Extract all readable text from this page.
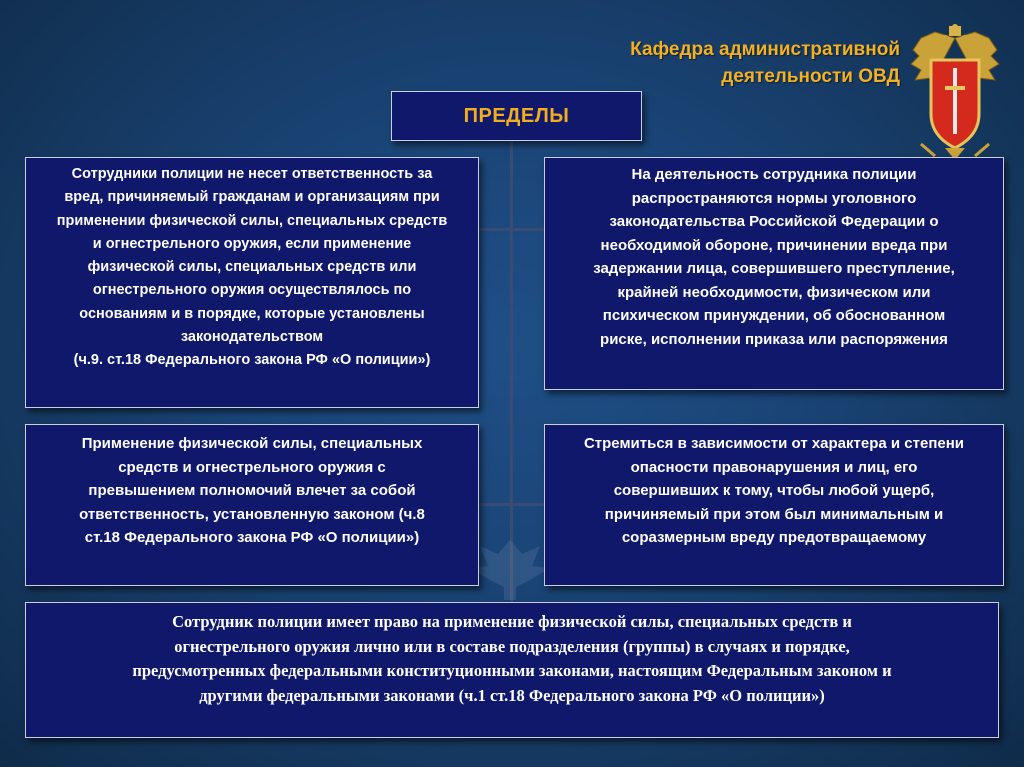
Кафедра административной
деятельности ОВД
ПРЕДЕЛЫ
Сотрудники полиции не несет ответственность за
вред, причиняемый гражданам и организациям при
применении физической силы, специальных средств
и огнестрельного оружия, если применение
физической силы, специальных средств или
огнестрельного оружия осуществлялось по
основаниям и в порядке, которые установлены
законодательством
(ч.9. ст.18 Федерального закона РФ «О полиции»)
На деятельность сотрудника полиции
распространяются нормы уголовного
законодательства Российской Федерации о
необходимой обороне, причинении вреда при
задержании лица, совершившего преступление,
крайней необходимости, физическом или
психическом принуждении, об обоснованном
риске, исполнении приказа или распоряжения
Применение физической силы, специальных
средств и огнестрельного оружия с
превышением полномочий влечет за собой
ответственность, установленную законом (ч.8
ст.18 Федерального закона РФ «О полиции»)
Стремиться в зависимости от характера и степени
опасности правонарушения и лиц, его
совершивших к тому, чтобы любой ущерб,
причиняемый при этом был минимальным и
соразмерным вреду предотвращаемому
Сотрудник полиции имеет право на применение физической силы, специальных средств и
огнестрельного оружия лично или в составе подразделения (группы) в случаях и порядке,
предусмотренных федеральными конституционными законами, настоящим Федеральным законом и
другими федеральными законами (ч.1 ст.18 Федерального закона РФ «О полиции»)
